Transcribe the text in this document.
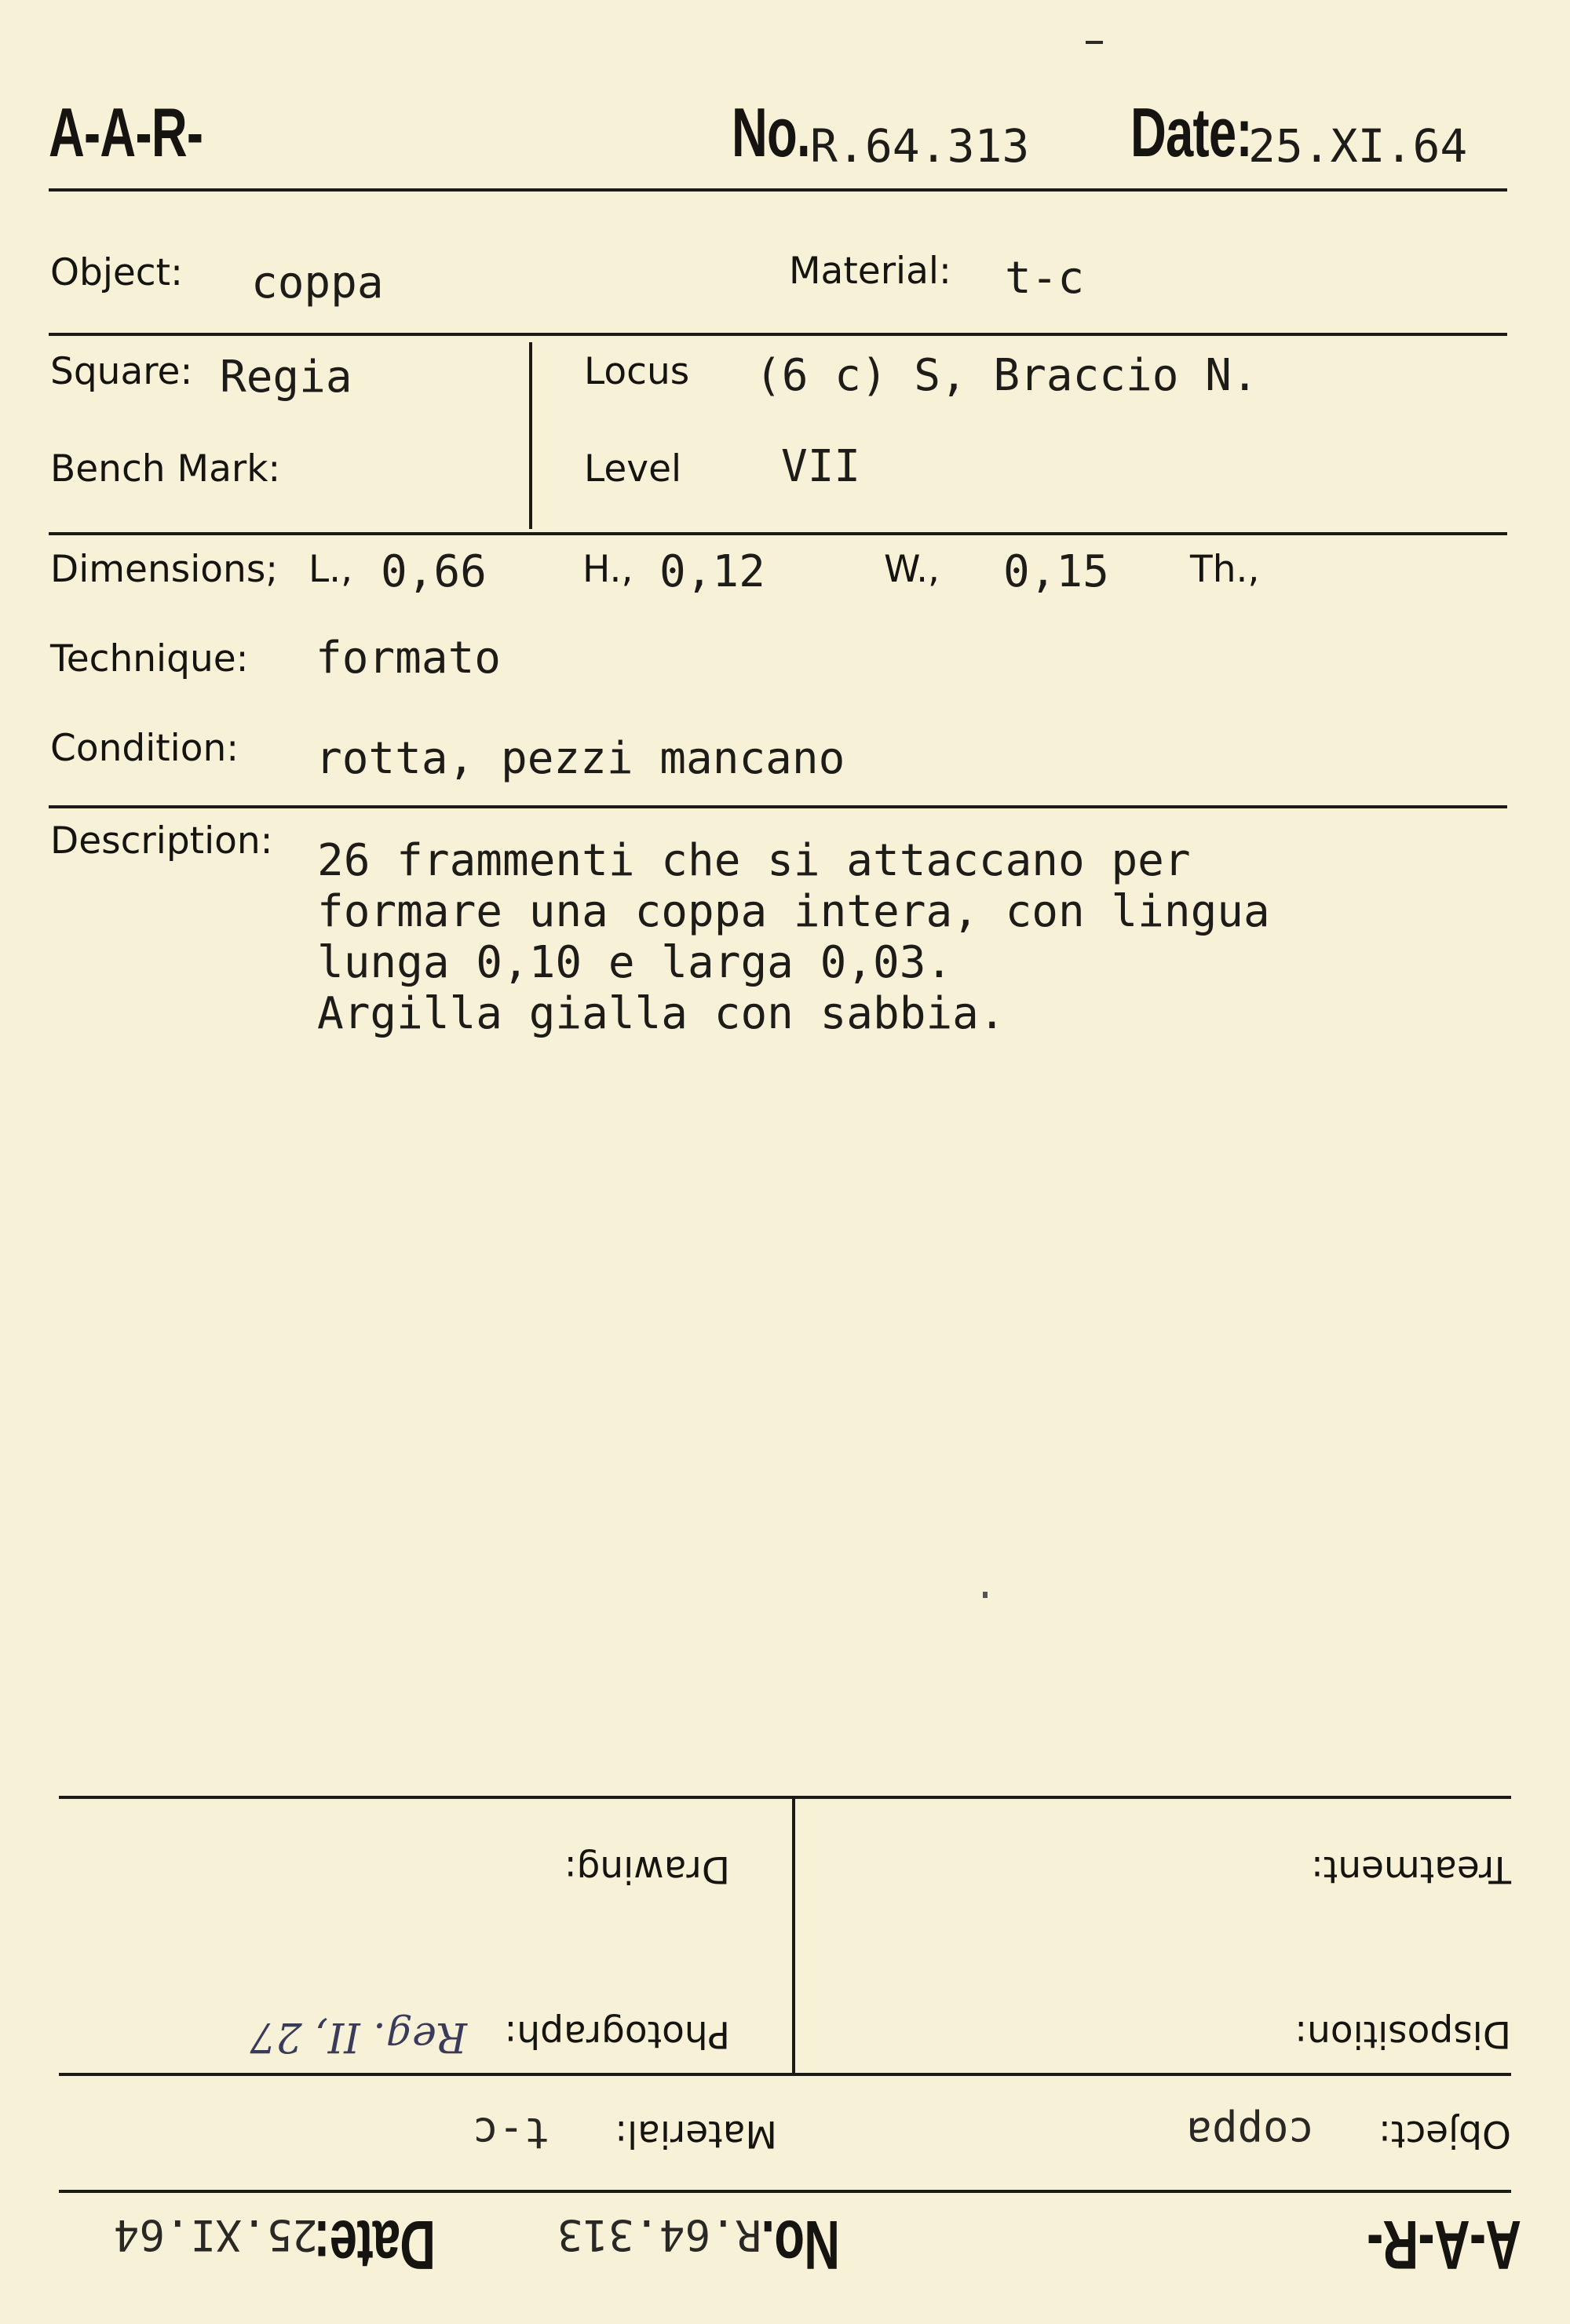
A-A-R-	No. R.64.313 Date:
25.XI.64
Object: coppa	Material: t-c
Square: Regia
Bench Mark:
Locus (6 c) S, Braccio N.
Level VII
Dimensions; L., 0,66	H., 0,12	W., 0,15 Th.,
Technique: formato
Condition: rotta, pezzi mancano
Description: 26 frammenti che si attaccano per
formare una coppa intera, con lingua
lunga 0,10 e larga 0,03.
Argilla gialla con sabbia.
A-A-R-
No.
R.64.313
Date:
25.XI.64
Object:
coppa
Material:
t-c
Disposition:
Treatment:
Photograph:
Reg. II, 27
Drawing:
